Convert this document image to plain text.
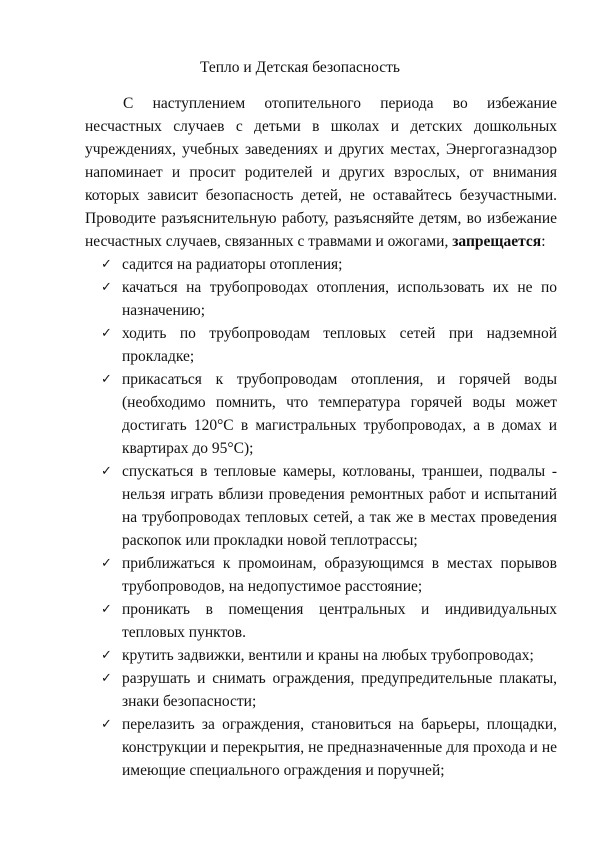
Тепло и Детская безопасность

С наступлением отопительного периода во избежание несчастных случаев с детьми в школах и детских дошкольных учреждениях, учебных заведениях и других местах, Энергогазнадзор напоминает и просит родителей и других взрослых, от внимания которых зависит безопасность детей, не оставайтесь безучастными. Проводите разъяснительную работу, разъясняйте детям, во избежание несчастных случаев, связанных с травмами и ожогами, запрещается:

✓ садится на радиаторы отопления;
✓ качаться на трубопроводах отопления, использовать их не по назначению;
✓ ходить по трубопроводам тепловых сетей при надземной прокладке;
✓ прикасаться к трубопроводам отопления, и горячей воды (необходимо помнить, что температура горячей воды может достигать 120°С в магистральных трубопроводах, а в домах и квартирах до 95°С);
✓ спускаться в тепловые камеры, котлованы, траншеи, подвалы - нельзя играть вблизи проведения ремонтных работ и испытаний на трубопроводах тепловых сетей, а так же в местах проведения раскопок или прокладки новой теплотрассы;
✓ приближаться к промоинам, образующимся в местах порывов трубопроводов, на недопустимое расстояние;
✓ проникать в помещения центральных и индивидуальных тепловых пунктов.
✓ крутить задвижки, вентили и краны на любых трубопроводах;
✓ разрушать и снимать ограждения, предупредительные плакаты, знаки безопасности;
✓ перелазить за ограждения, становиться на барьеры, площадки, конструкции и перекрытия, не предназначенные для прохода и не имеющие специального ограждения и поручней;
